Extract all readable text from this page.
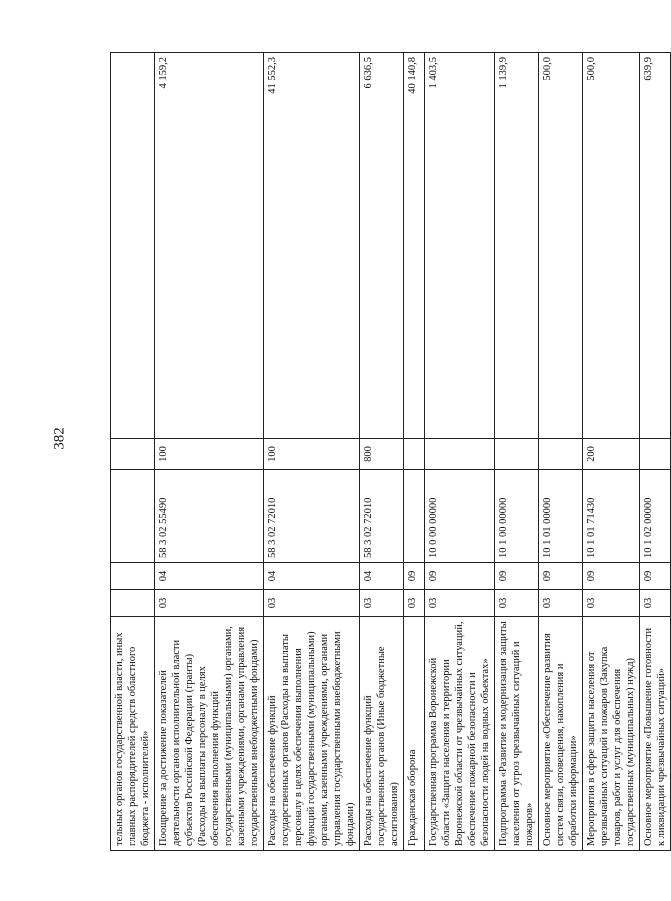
382
тельных органов государственной власти, иных главных распорядителей средств областного бюджета - исполнителей»					
Поощрение за достижение показателей деятельности органов исполнительной власти субъектов Российской Федерации (гранты) (Расходы на выплаты персоналу в целях обеспечения выполнения функций государственными (муниципальными) органами, казенными учреждениями, органами управления государственными внебюджетными фондами)	03	04	58 3 02 55490	100	4 159,2
Расходы на обеспечение функций государственных органов (Расходы на выплаты персоналу в целях обеспечения выполнения функций государственными (муниципальными) органами, казенными учреждениями, органами управления государственными внебюджетными фондами)	03	04	58 3 02 72010	100	41 552,3
Расходы на обеспечение функций государственных органов (Иные бюджетные ассигнования)	03	04	58 3 02 72010	800	6 636,5
Гражданская оборона	03	09			40 140,8
Государственная программа Воронежской области «Защита населения и территории Воронежской области от чрезвычайных ситуаций, обеспечение пожарной безопасности и безопасности людей на водных объектах»	03	09	10 0 00 00000		1 403,5
Подпрограмма «Развитие и модернизация защиты населения от угроз чрезвычайных ситуаций и пожаров»	03	09	10 1 00 00000		1 139,9
Основное мероприятие «Обеспечение развития систем связи, оповещения, накопления и обработки информации»	03	09	10 1 01 00000		500,0
Мероприятия в сфере защиты населения от чрезвычайных ситуаций и пожаров (Закупка товаров, работ и услуг для обеспечения государственных (муниципальных) нужд)	03	09	10 1 01 71430	200	500,0
Основное мероприятие «Повышение готовности к ликвидации чрезвычайных ситуаций»	03	09	10 1 02 00000		639,9
